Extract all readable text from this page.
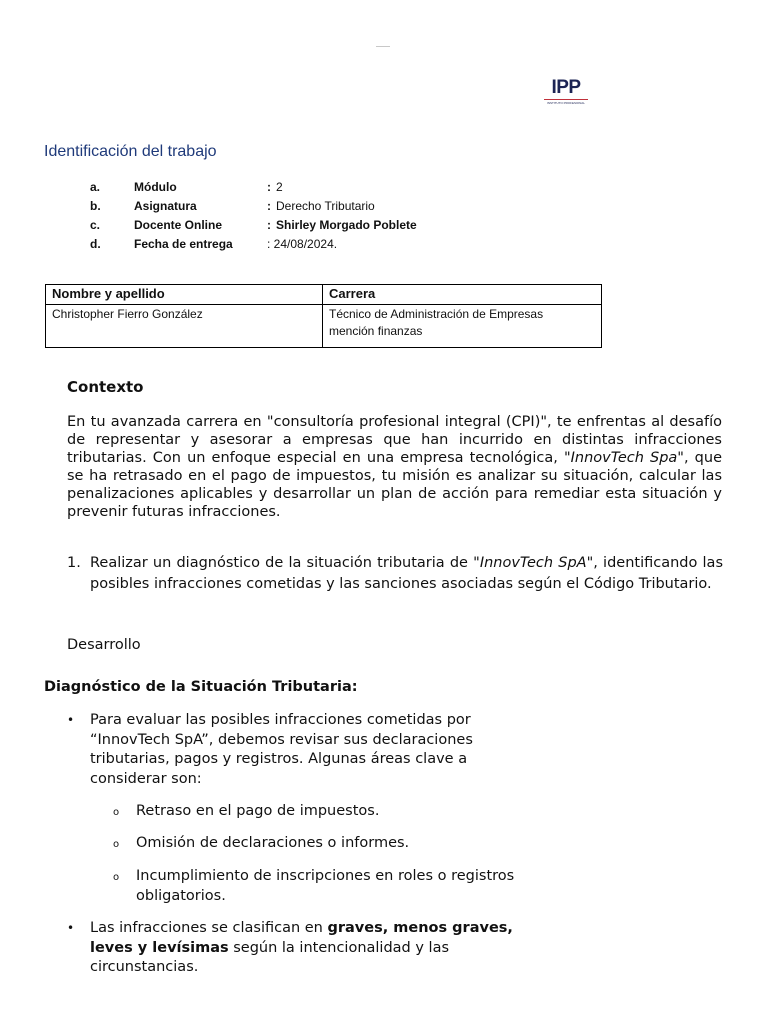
IPP
INSTITUTO PROFESIONAL
Identificación del trabajo
a.	Módulo	: 2
b.	Asignatura	: Derecho Tributario
c.	Docente Online	: Shirley Morgado Poblete
d.	Fecha de entrega	: 24/08/2024.
Nombre y apellido	Carrera
Christopher Fierro González	Técnico de Administración de Empresas
mención finanzas
Contexto
En tu avanzada carrera en "consultoría profesional integral (CPI)", te enfrentas al desafío de representar y asesorar a empresas que han incurrido en distintas infracciones tributarias. Con un enfoque especial en una empresa tecnológica, "InnovTech Spa", que se ha retrasado en el pago de impuestos, tu misión es analizar su situación, calcular las penalizaciones aplicables y desarrollar un plan de acción para remediar esta situación y prevenir futuras infracciones.
1. Realizar un diagnóstico de la situación tributaria de "InnovTech SpA", identificando las posibles infracciones cometidas y las sanciones asociadas según el Código Tributario.
Desarrollo
Diagnóstico de la Situación Tributaria:
• Para evaluar las posibles infracciones cometidas por “InnovTech SpA”, debemos revisar sus declaraciones tributarias, pagos y registros. Algunas áreas clave a considerar son:
o Retraso en el pago de impuestos.
o Omisión de declaraciones o informes.
o Incumplimiento de inscripciones en roles o registros obligatorios.
• Las infracciones se clasifican en graves, menos graves, leves y levísimas según la intencionalidad y las circunstancias.
